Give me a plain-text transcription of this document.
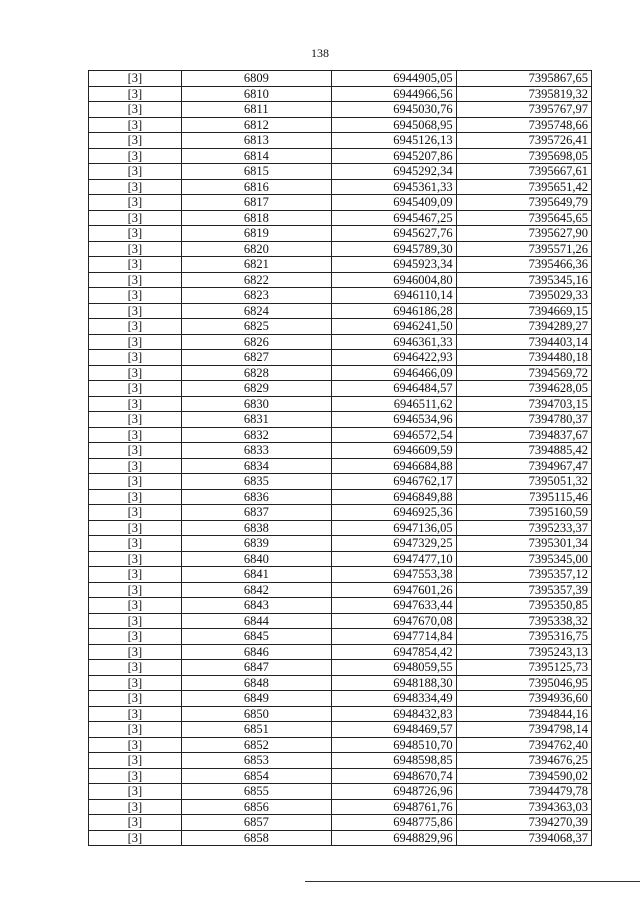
138
[3]	6809	6944905,05	7395867,65
[3]	6810	6944966,56	7395819,32
[3]	6811	6945030,76	7395767,97
[3]	6812	6945068,95	7395748,66
[3]	6813	6945126,13	7395726,41
[3]	6814	6945207,86	7395698,05
[3]	6815	6945292,34	7395667,61
[3]	6816	6945361,33	7395651,42
[3]	6817	6945409,09	7395649,79
[3]	6818	6945467,25	7395645,65
[3]	6819	6945627,76	7395627,90
[3]	6820	6945789,30	7395571,26
[3]	6821	6945923,34	7395466,36
[3]	6822	6946004,80	7395345,16
[3]	6823	6946110,14	7395029,33
[3]	6824	6946186,28	7394669,15
[3]	6825	6946241,50	7394289,27
[3]	6826	6946361,33	7394403,14
[3]	6827	6946422,93	7394480,18
[3]	6828	6946466,09	7394569,72
[3]	6829	6946484,57	7394628,05
[3]	6830	6946511,62	7394703,15
[3]	6831	6946534,96	7394780,37
[3]	6832	6946572,54	7394837,67
[3]	6833	6946609,59	7394885,42
[3]	6834	6946684,88	7394967,47
[3]	6835	6946762,17	7395051,32
[3]	6836	6946849,88	7395115,46
[3]	6837	6946925,36	7395160,59
[3]	6838	6947136,05	7395233,37
[3]	6839	6947329,25	7395301,34
[3]	6840	6947477,10	7395345,00
[3]	6841	6947553,38	7395357,12
[3]	6842	6947601,26	7395357,39
[3]	6843	6947633,44	7395350,85
[3]	6844	6947670,08	7395338,32
[3]	6845	6947714,84	7395316,75
[3]	6846	6947854,42	7395243,13
[3]	6847	6948059,55	7395125,73
[3]	6848	6948188,30	7395046,95
[3]	6849	6948334,49	7394936,60
[3]	6850	6948432,83	7394844,16
[3]	6851	6948469,57	7394798,14
[3]	6852	6948510,70	7394762,40
[3]	6853	6948598,85	7394676,25
[3]	6854	6948670,74	7394590,02
[3]	6855	6948726,96	7394479,78
[3]	6856	6948761,76	7394363,03
[3]	6857	6948775,86	7394270,39
[3]	6858	6948829,96	7394068,37
